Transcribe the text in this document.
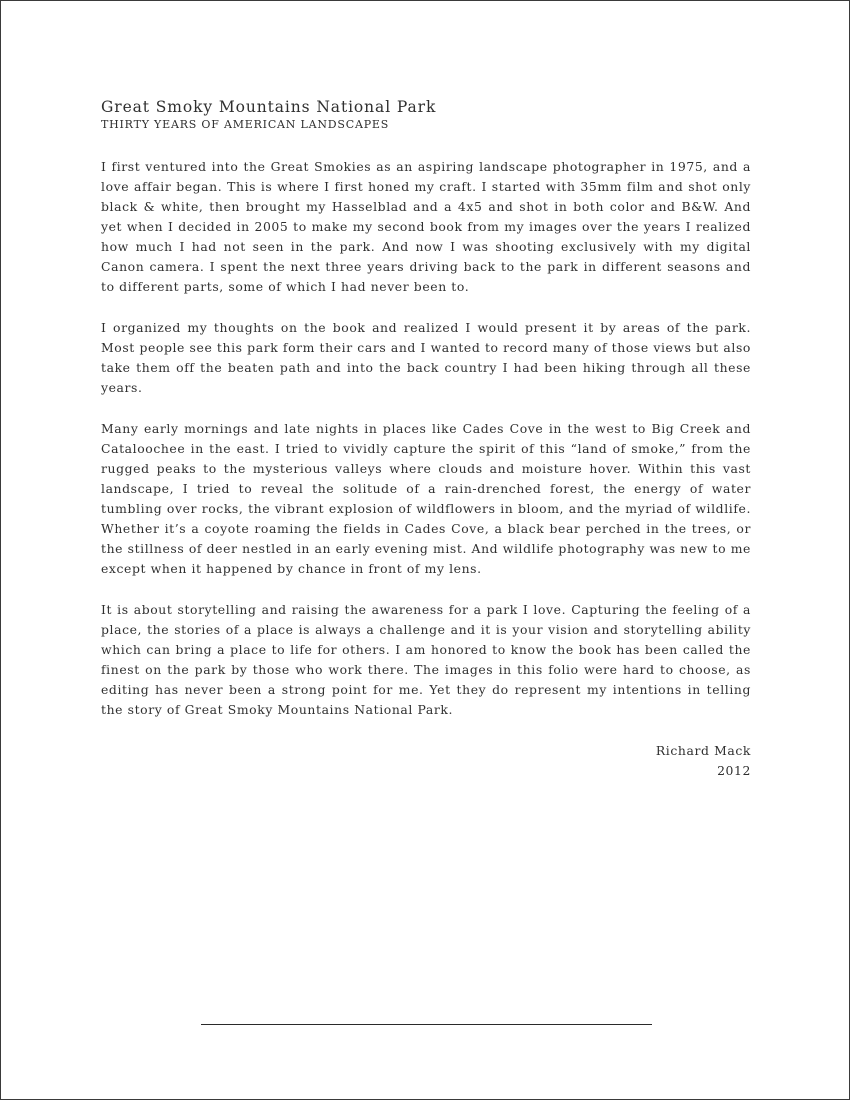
Great Smoky Mountains National Park
THIRTY YEARS OF AMERICAN LANDSCAPES

I first ventured into the Great Smokies as an aspiring landscape photographer in 1975, and a love affair began. This is where I first honed my craft. I started with 35mm film and shot only black & white, then brought my Hasselblad and a 4x5 and shot in both color and B&W. And yet when I decided in 2005 to make my second book from my images over the years I realized how much I had not seen in the park. And now I was shooting exclusively with my digital Canon camera. I spent the next three years driving back to the park in different seasons and to different parts, some of which I had never been to.

I organized my thoughts on the book and realized I would present it by areas of the park. Most people see this park form their cars and I wanted to record many of those views but also take them off the beaten path and into the back country I had been hiking through all these years.

Many early mornings and late nights in places like Cades Cove in the west to Big Creek and Cataloochee in the east. I tried to vividly capture the spirit of this “land of smoke,” from the rugged peaks to the mysterious valleys where clouds and moisture hover. Within this vast landscape, I tried to reveal the solitude of a rain-drenched forest, the energy of water tumbling over rocks, the vibrant explosion of wildflowers in bloom, and the myriad of wildlife. Whether it’s a coyote roaming the fields in Cades Cove, a black bear perched in the trees, or the stillness of deer nestled in an early evening mist. And wildlife photography was new to me except when it happened by chance in front of my lens.

It is about storytelling and raising the awareness for a park I love. Capturing the feeling of a place, the stories of a place is always a challenge and it is your vision and storytelling ability which can bring a place to life for others. I am honored to know the book has been called the finest on the park by those who work there. The images in this folio were hard to choose, as editing has never been a strong point for me. Yet they do represent my intentions in telling the story of Great Smoky Mountains National Park.

Richard Mack
2012
